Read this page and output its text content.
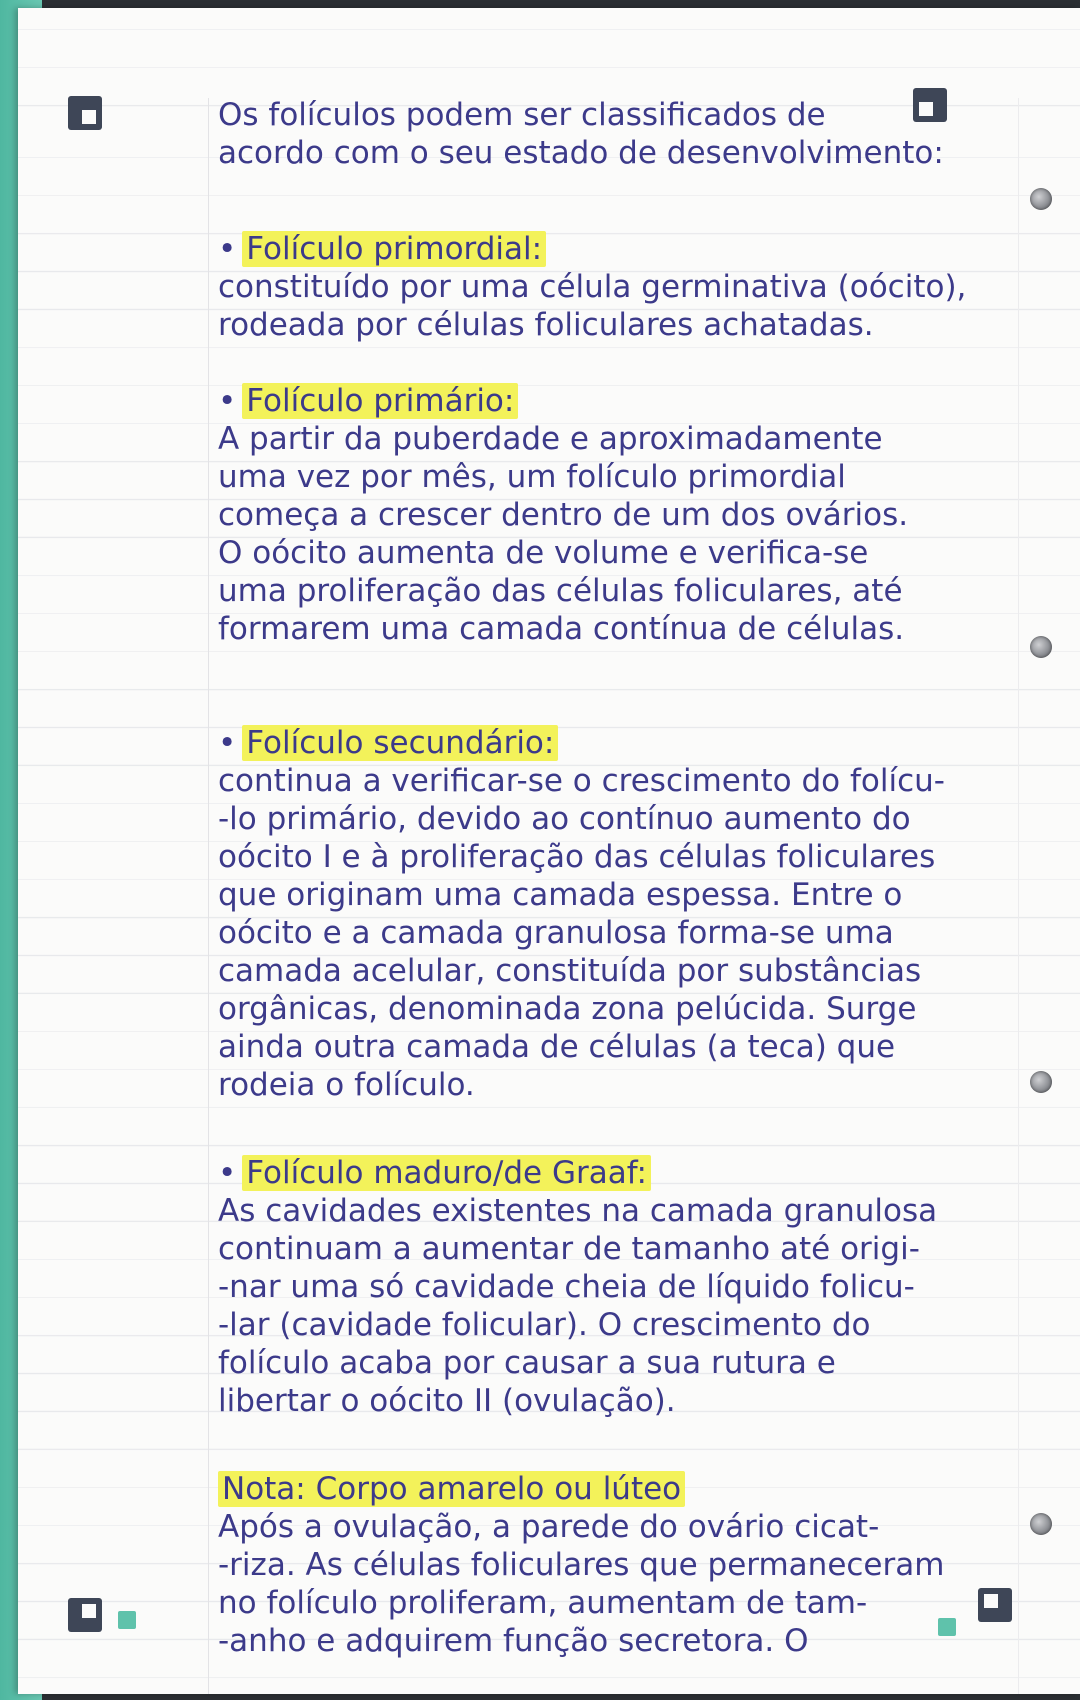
Os folículos podem ser classificados de
acordo com o seu estado de desenvolvimento:
• Folículo primordial:
constituído por uma célula germinativa (oócito),
rodeada por células foliculares achatadas.
• Folículo primário:
A partir da puberdade e aproximadamente
uma vez por mês, um folículo primordial
começa a crescer dentro de um dos ovários.
O oócito aumenta de volume e verifica-se
uma proliferação das células foliculares, até
formarem uma camada contínua de células.
• Folículo secundário:
continua a verificar-se o crescimento do folícu-
-lo primário, devido ao contínuo aumento do
oócito I e à proliferação das células foliculares
que originam uma camada espessa. Entre o
oócito e a camada granulosa forma-se uma
camada acelular, constituída por substâncias
orgânicas, denominada zona pelúcida. Surge
ainda outra camada de células (a teca) que
rodeia o folículo.
• Folículo maduro/de Graaf:
As cavidades existentes na camada granulosa
continuam a aumentar de tamanho até origi-
-nar uma só cavidade cheia de líquido folicu-
-lar (cavidade folicular). O crescimento do
folículo acaba por causar a sua rutura e
libertar o oócito II (ovulação).
Nota: Corpo amarelo ou lúteo
Após a ovulação, a parede do ovário cicat-
-riza. As células foliculares que permaneceram
no folículo proliferam, aumentam de tam-
-anho e adquirem função secretora. O
